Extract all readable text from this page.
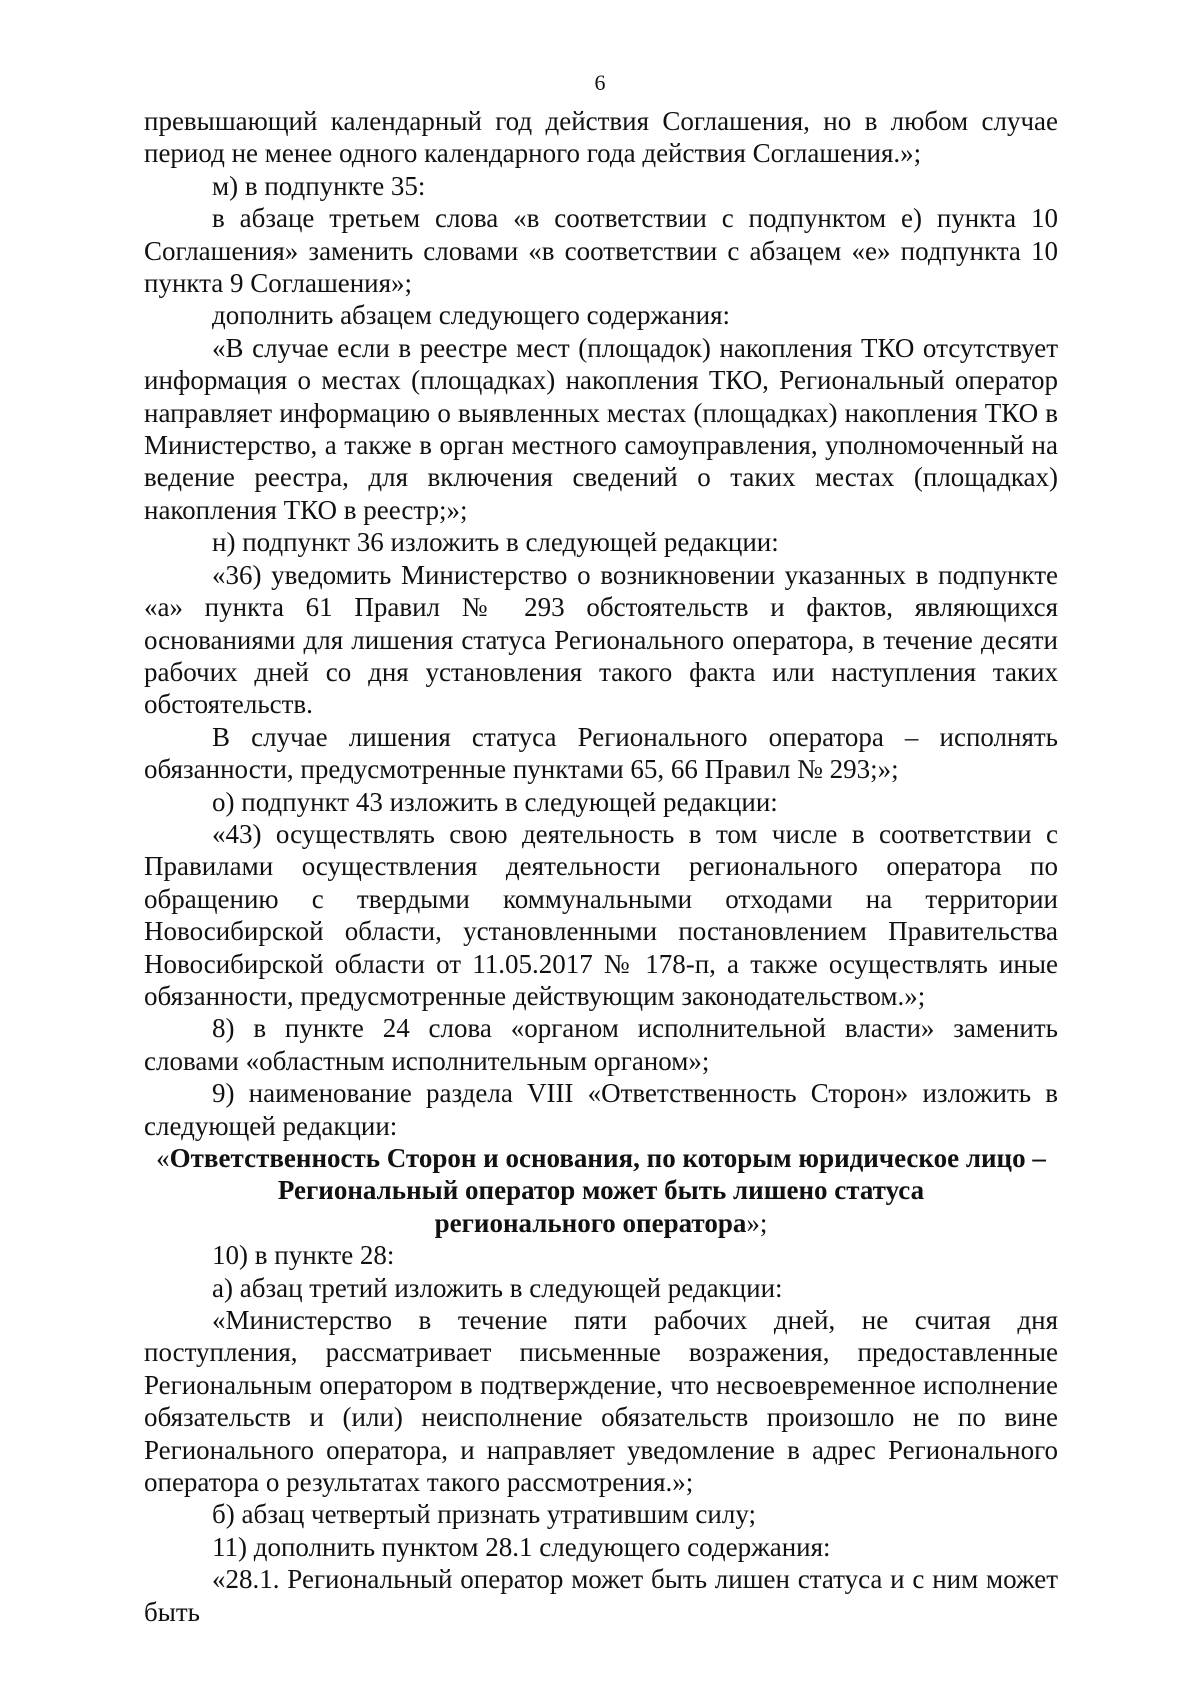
6

превышающий календарный год действия Соглашения, но в любом случае период не менее одного календарного года действия Соглашения.»;

м) в подпункте 35:

в абзаце третьем слова «в соответствии с подпунктом е) пункта 10 Соглашения» заменить словами «в соответствии с абзацем «е» подпункта 10 пункта 9 Соглашения»;

дополнить абзацем следующего содержания:

«В случае если в реестре мест (площадок) накопления ТКО отсутствует информация о местах (площадках) накопления ТКО, Региональный оператор направляет информацию о выявленных местах (площадках) накопления ТКО в Министерство, а также в орган местного самоуправления, уполномоченный на ведение реестра, для включения сведений о таких местах (площадках) накопления ТКО в реестр;»;

н) подпункт 36 изложить в следующей редакции:

«36) уведомить Министерство о возникновении указанных в подпункте «а» пункта 61 Правил № 293 обстоятельств и фактов, являющихся основаниями для лишения статуса Регионального оператора, в течение десяти рабочих дней со дня установления такого факта или наступления таких обстоятельств.

В случае лишения статуса Регионального оператора – исполнять обязанности, предусмотренные пунктами 65, 66 Правил № 293;»;

о) подпункт 43 изложить в следующей редакции:

«43) осуществлять свою деятельность в том числе в соответствии с Правилами осуществления деятельности регионального оператора по обращению с твердыми коммунальными отходами на территории Новосибирской области, установленными постановлением Правительства Новосибирской области от 11.05.2017 № 178-п, а также осуществлять иные обязанности, предусмотренные действующим законодательством.»;

8) в пункте 24 слова «органом исполнительной власти» заменить словами «областным исполнительным органом»;

9) наименование раздела VIII «Ответственность Сторон» изложить в следующей редакции:

«Ответственность Сторон и основания, по которым юридическое лицо –
Региональный оператор может быть лишено статуса
регионального оператора»;

10) в пункте 28:

а) абзац третий изложить в следующей редакции:

«Министерство в течение пяти рабочих дней, не считая дня поступления, рассматривает письменные возражения, предоставленные Региональным оператором в подтверждение, что несвоевременное исполнение обязательств и (или) неисполнение обязательств произошло не по вине Регионального оператора, и направляет уведомление в адрес Регионального оператора о результатах такого рассмотрения.»;

б) абзац четвертый признать утратившим силу;

11) дополнить пунктом 28.1 следующего содержания:

«28.1. Региональный оператор может быть лишен статуса и с ним может быть
